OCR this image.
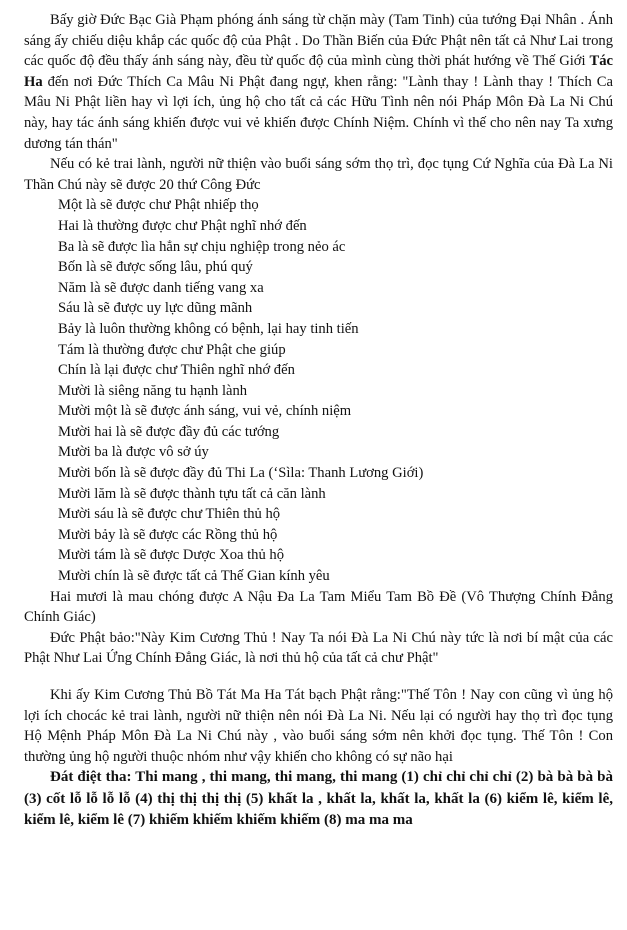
Bấy giờ Đức Bạc Già Phạm phóng ánh sáng từ chặn mày (Tam Tinh) của tướng Đại Nhân . Ánh sáng ấy chiếu diệu khắp các quốc độ của Phật . Do Thần Biến của Đức Phật nên tất cả Như Lai trong các quốc độ đều thấy ánh sáng này, đều từ quốc độ của mình cùng thời phát hướng về Thế Giới Tác Ha đến nơi Đức Thích Ca Mâu Ni Phật đang ngự, khen rằng: "Lành thay ! Lành thay ! Thích Ca Mâu Ni Phật liền hay vì lợi ích, ủng hộ cho tất cả các Hữu Tình nên nói Pháp Môn Đà La Ni Chú này, hay tác ánh sáng khiến được vui vẻ khiến được Chính Niệm. Chính vì thế cho nên nay Ta xưng dương tán thán"

Nếu có kẻ trai lành, người nữ thiện vào buổi sáng sớm thọ trì, đọc tụng Cứ Nghĩa của Đà La Ni Thần Chú này sẽ được 20 thứ Công Đức

Một là sẽ được chư Phật nhiếp thọ
Hai là thường được chư Phật nghĩ nhớ đến
Ba là sẽ được lìa hẳn sự chịu nghiệp trong nẻo ác
Bốn là sẽ được sống lâu, phú quý
Năm là sẽ được danh tiếng vang xa
Sáu là sẽ được uy lực dũng mãnh
Bảy là luôn thường không có bệnh, lại hay tinh tiến
Tám là thường được chư Phật che giúp
Chín là lại được chư Thiên nghĩ nhớ đến
Mười là siêng năng tu hạnh lành
Mười một là sẽ được ánh sáng, vui vẻ, chính niệm
Mười hai là sẽ được đầy đủ các tướng
Mười ba là được vô sở úy
Mười bốn là sẽ được đầy đủ Thi La (‘Sìla: Thanh Lương Giới)
Mười lăm là sẽ được thành tựu tất cả căn lành
Mười sáu là sẽ được chư Thiên thủ hộ
Mười bảy là sẽ được các Rồng thủ hộ
Mười tám là sẽ được Dược Xoa thủ hộ
Mười chín là sẽ được tất cả Thế Gian kính yêu

Hai mươi là mau chóng được A Nậu Đa La Tam Miểu Tam Bồ Đề (Vô Thượng Chính Đẳng Chính Giác)

Đức Phật bảo:"Này Kim Cương Thủ ! Nay Ta nói Đà La Ni Chú này tức là nơi bí mật của các Phật Như Lai Ứng Chính Đẳng Giác, là nơi thủ hộ của tất cả chư Phật"

Khi ấy Kim Cương Thủ Bồ Tát Ma Ha Tát bạch Phật rằng:"Thế Tôn ! Nay con cũng vì ủng hộ lợi ích chocác kẻ trai lành, người nữ thiện nên nói Đà La Ni. Nếu lại có người hay thọ trì đọc tụng Hộ Mệnh Pháp Môn Đà La Ni Chú này , vào buổi sáng sớm nên khởi đọc tụng. Thế Tôn ! Con thường ủng hộ người thuộc nhóm như vậy khiến cho không có sự não hại

Đát điệt tha: Thi mang , thi mang, thi mang, thi mang (1) chỉ chỉ chỉ chỉ (2) bà bà bà bà (3) cốt lỗ lỗ lỗ lỗ (4) thị thị thị thị (5) khất la , khất la, khất la, khất la (6) kiểm lê, kiểm lê, kiểm lê, kiểm lê (7) khiếm khiếm khiếm khiếm (8) ma ma ma
